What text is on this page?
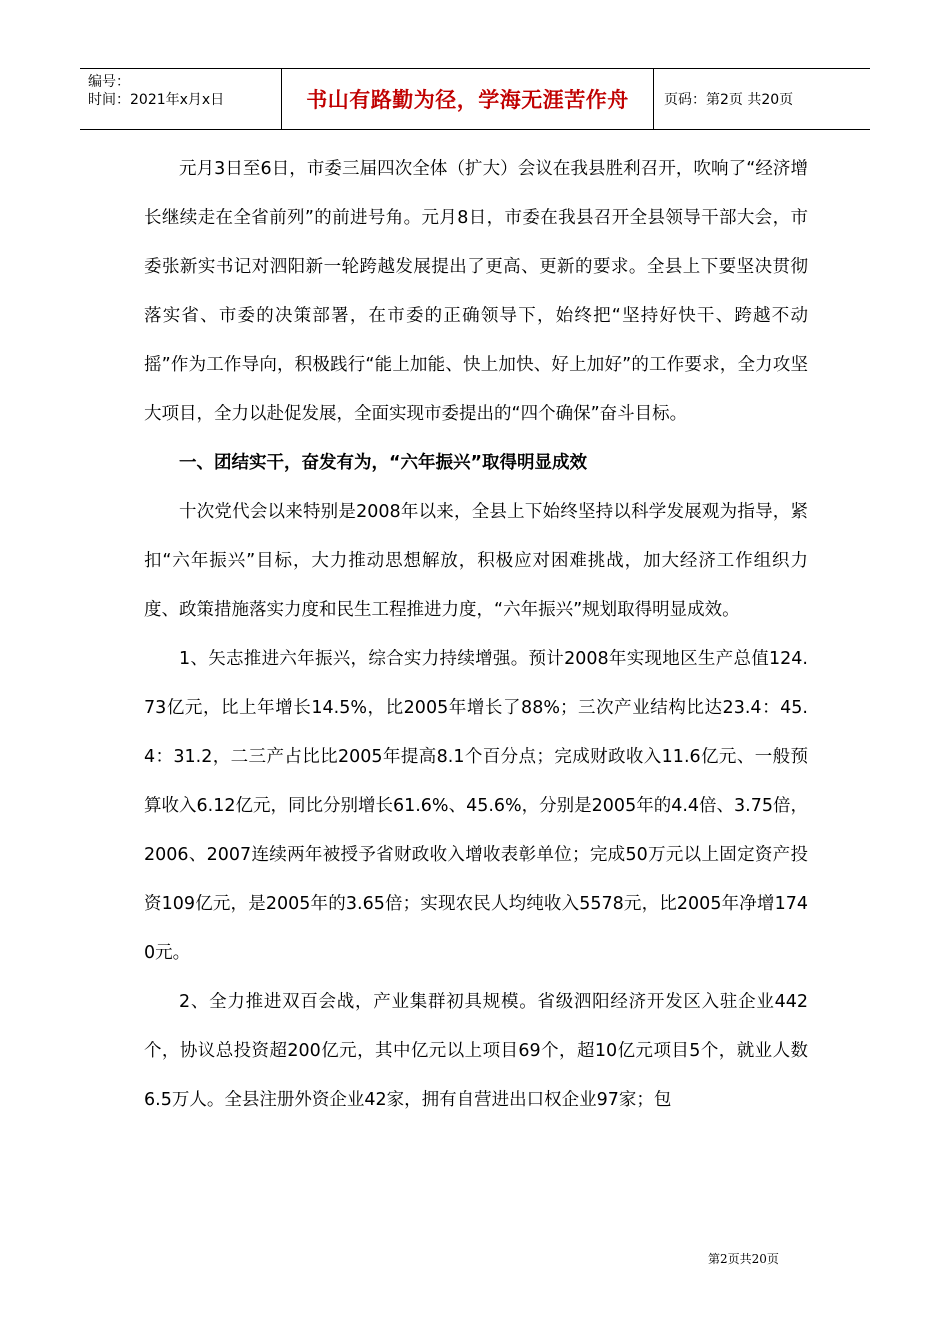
编号：
时间：2021年x月x日	书山有路勤为径，学海无涯苦作舟	页码：第2页 共20页

元月3日至6日，市委三届四次全体（扩大）会议在我县胜利召开，吹响了“经济增长继续走在全省前列”的前进号角。元月8日，市委在我县召开全县领导干部大会，市委张新实书记对泗阳新一轮跨越发展提出了更高、更新的要求。全县上下要坚决贯彻落实省、市委的决策部署，在市委的正确领导下，始终把“坚持好快干、跨越不动摇”作为工作导向，积极践行“能上加能、快上加快、好上加好”的工作要求，全力攻坚大项目，全力以赴促发展，全面实现市委提出的“四个确保”奋斗目标。

一、团结实干，奋发有为，“六年振兴”取得明显成效

十次党代会以来特别是2008年以来，全县上下始终坚持以科学发展观为指导，紧扣“六年振兴”目标，大力推动思想解放，积极应对困难挑战，加大经济工作组织力度、政策措施落实力度和民生工程推进力度，“六年振兴”规划取得明显成效。

1、矢志推进六年振兴，综合实力持续增强。预计2008年实现地区生产总值124.73亿元，比上年增长14.5%，比2005年增长了88%；三次产业结构比达23.4：45.4：31.2，二三产占比比2005年提高8.1个百分点；完成财政收入11.6亿元、一般预算收入6.12亿元，同比分别增长61.6%、45.6%，分别是2005年的4.4倍、3.75倍，2006、2007连续两年被授予省财政收入增收表彰单位；完成50万元以上固定资产投资109亿元，是2005年的3.65倍；实现农民人均纯收入5578元，比2005年净增1740元。

2、全力推进双百会战，产业集群初具规模。省级泗阳经济开发区入驻企业442个，协议总投资超200亿元，其中亿元以上项目69个，超10亿元项目5个，就业人数6.5万人。全县注册外资企业42家，拥有自营进出口权企业97家；包

第2页共20页
